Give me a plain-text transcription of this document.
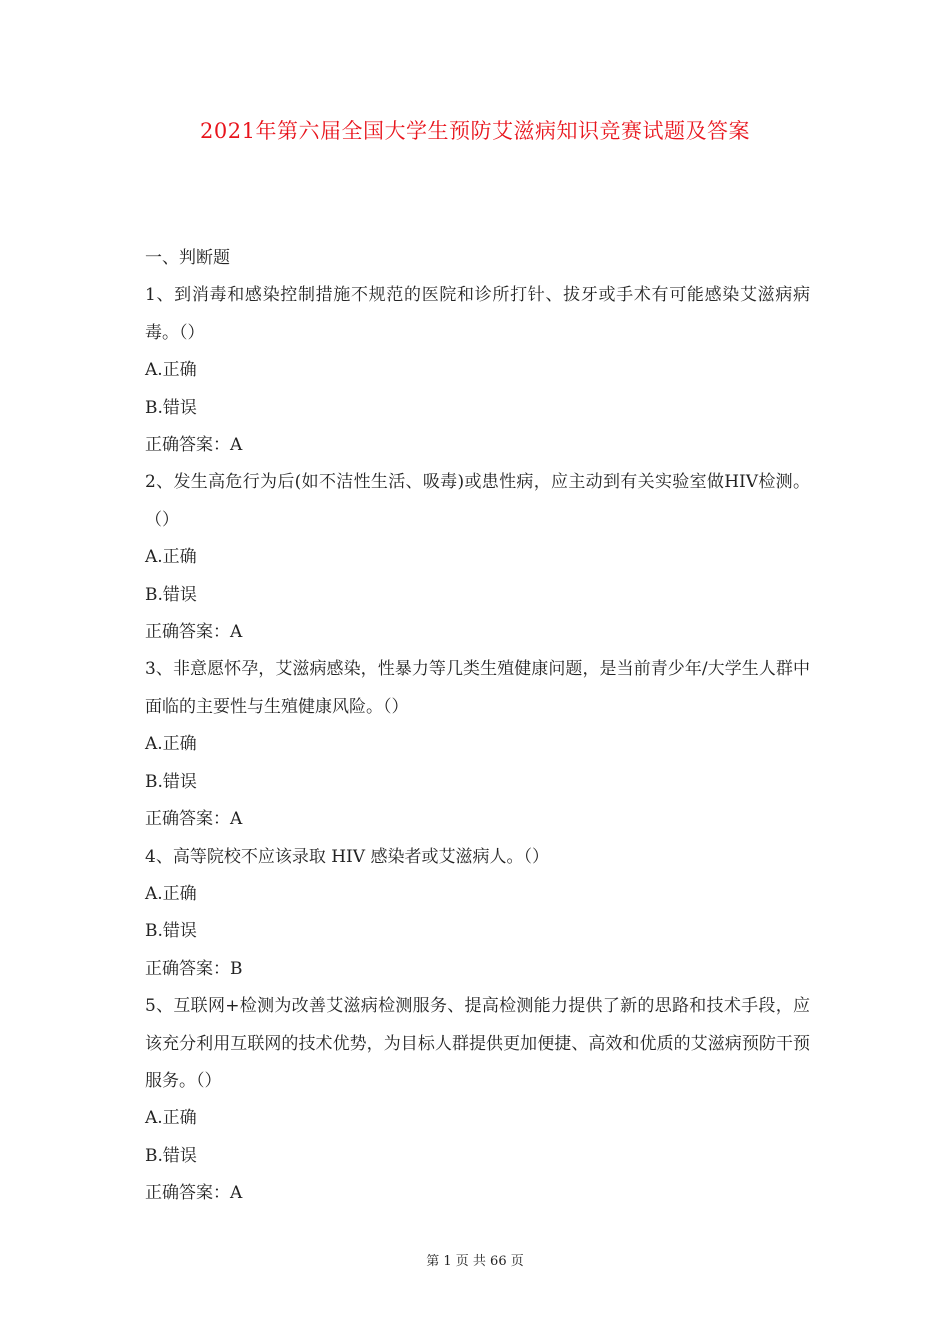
2021年第六届全国大学生预防艾滋病知识竞赛试题及答案

一、判断题

1、到消毒和感染控制措施不规范的医院和诊所打针、拔牙或手术有可能感染艾滋病病毒。（）

A.正确

B.错误

正确答案：A

2、发生高危行为后(如不洁性生活、吸毒)或患性病，应主动到有关实验室做HIV检测。（）

A.正确

B.错误

正确答案：A

3、非意愿怀孕，艾滋病感染，性暴力等几类生殖健康问题，是当前青少年/大学生人群中面临的主要性与生殖健康风险。（）

A.正确

B.错误

正确答案：A

4、高等院校不应该录取 HIV 感染者或艾滋病人。（）

A.正确

B.错误

正确答案：B

5、互联网+检测为改善艾滋病检测服务、提高检测能力提供了新的思路和技术手段，应该充分利用互联网的技术优势，为目标人群提供更加便捷、高效和优质的艾滋病预防干预服务。（）

A.正确

B.错误

正确答案：A

第 1 页 共 66 页
